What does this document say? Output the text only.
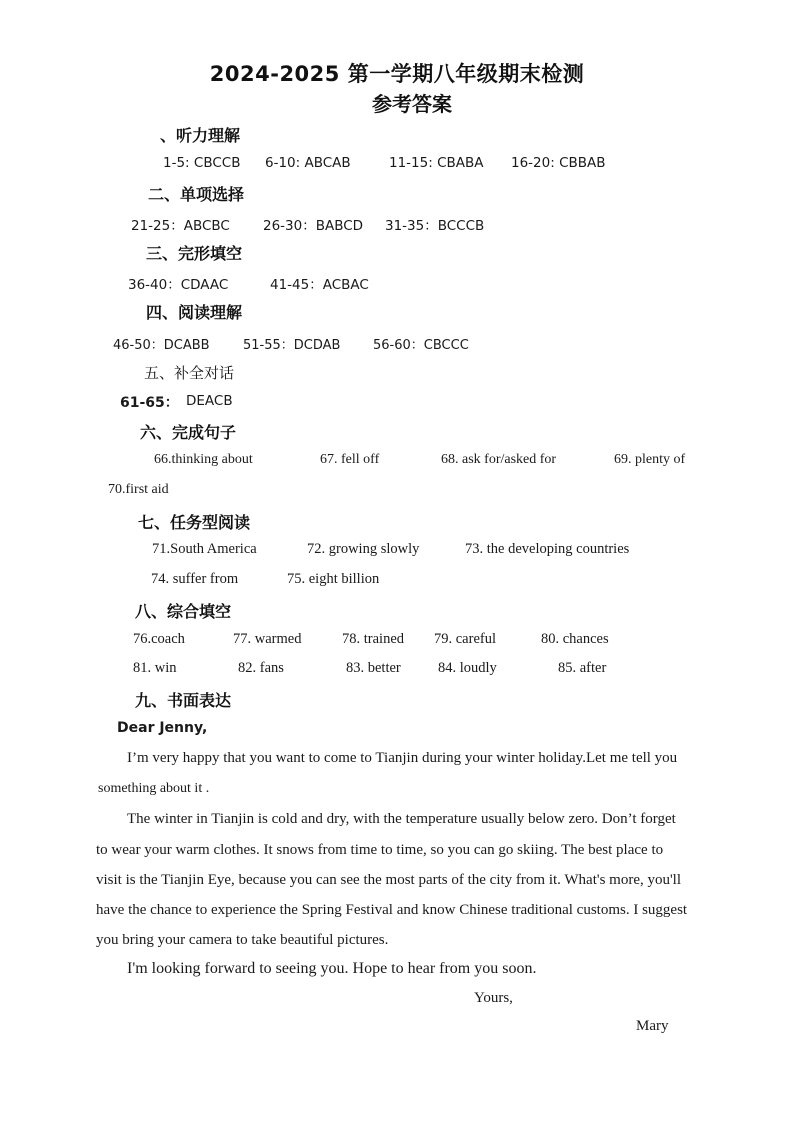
2024-2025 第一学期八年级期末检测
参考答案
、听力理解
1-5: CBCCB 6-10: ABCAB	11-15: CBABA 16-20: CBBAB
二、单项选择
21-25：ABCBC 26-30：BABCD 31-35：BCCCB
三、完形填空
36-40：CDAAC	41-45：ACBAC
四、阅读理解
46-50：DCABB	51-55：DCDAB	56-60：CBCCC
五、补全对话
61-65： DEACB
六、完成句子
66.thinking about	67. fell off	68. ask for/asked for	69. plenty of
70.first aid
七、任务型阅读
71.South America	72. growing slowly	73. the developing countries
74. suffer from	75. eight billion
八、综合填空
76.coach	77. warmed	78. trained 79. careful	80. chances
81. win	82. fans	83. better	84. loudly	85. after
九、书面表达
Dear Jenny,
I’m very happy that you want to come to Tianjin during your winter holiday.Let me tell you
something about it .
The winter in Tianjin is cold and dry, with the temperature usually below zero. Don’t forget
to wear your warm clothes. It snows from time to time, so you can go skiing. The best place to
visit is the Tianjin Eye, because you can see the most parts of the city from it. What's more, you'll
have the chance to experience the Spring Festival and know Chinese traditional customs. I suggest
you bring your camera to take beautiful pictures.
I'm looking forward to seeing you. Hope to hear from you soon.
Yours,
Mary
